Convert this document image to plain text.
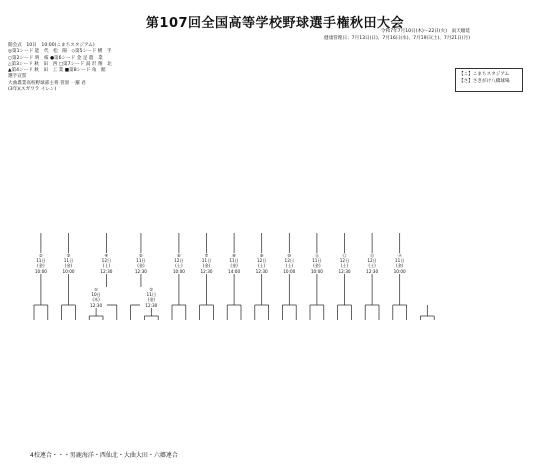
第107回全国高等学校野球選手権秋田大会
令和7年7月10日(木)～22日(火)　雨天順延
健康管理日：7月13日(日)、7月16日(水)、7月19日(土)、7月21日(月)
【こ】こまちスタジアム
【さ】さきがけ八橋球場
開会式　10日　10:00(こまちスタジアム)
◎第1シード 能　代　松　陽　◇第5シード 横　手
○第2シード 明　桜 ●第6シード 金 足 農　業
△第3シード 秋　田　西 □第7シード 湯 沢 翔　北
▲第4シード 秋　田　工 業 ■第8シード 角　館
選手宣誓
大曲農業高校野球部主将 菅原 一羅 君
(3年)(スガワラ イレン)
②
11日
(金)
10:00
③
11日
(金)
10:00
①
10日
(木)
12:30
④
12日
(土)
12:30
①
11日
(金)
12:30
⑤
11日
(金)
12:30
⑥
12日
(土)
10:00
⑦
11日
(金)
12:30
⑧
11日
(金)
14:00
⑨
12日
(土)
12:30
⑩
12日
(土)
10:00
⑪
11日
(金)
10:00
⑫
12日
(土)
12:30
⑬
12日
(土)
12:30
⑭
11日
(金)
10:00
4校連合・・・男鹿海洋・西仙北・大曲大田・六郷連合
